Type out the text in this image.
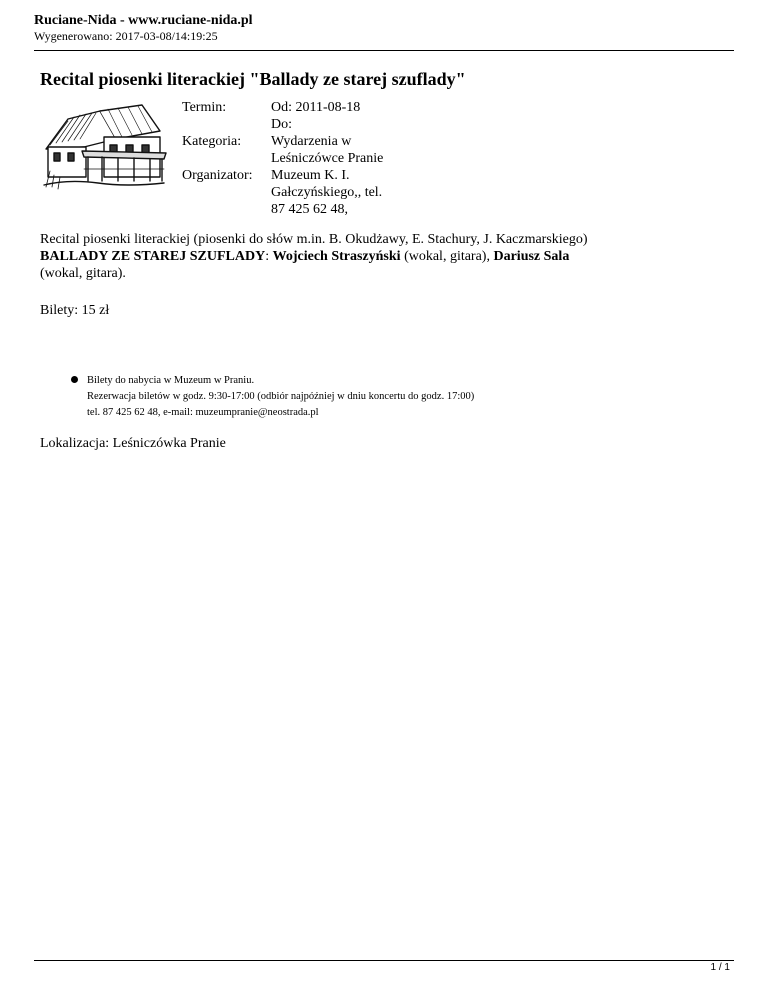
Ruciane-Nida - www.ruciane-nida.pl
Wygenerowano: 2017-03-08/14:19:25
Recital piosenki literackiej "Ballady ze starej szuflady"
Termin:	Od: 2011-08-18
Do:

Kategoria:	Wydarzenia w Leśniczówce Pranie
Organizator:	Muzeum K. I. Gałczyńskiego,, tel. 87 425 62 48,

Recital piosenki literackiej (piosenki do słów m.in. B. Okudżawy, E. Stachury, J. Kaczmarskiego) BALLADY ZE STAREJ SZUFLADY: Wojciech Straszyński (wokal, gitara), Dariusz Sala (wokal, gitara).

Bilety: 15 zł

Bilety do nabycia w Muzeum w Praniu.
Rezerwacja biletów w godz. 9:30-17:00 (odbiór najpóźniej w dniu koncertu do godz. 17:00)
tel. 87 425 62 48, e-mail: muzeumpranie@neostrada.pl

Lokalizacja: Leśniczówka Pranie

1 / 1
